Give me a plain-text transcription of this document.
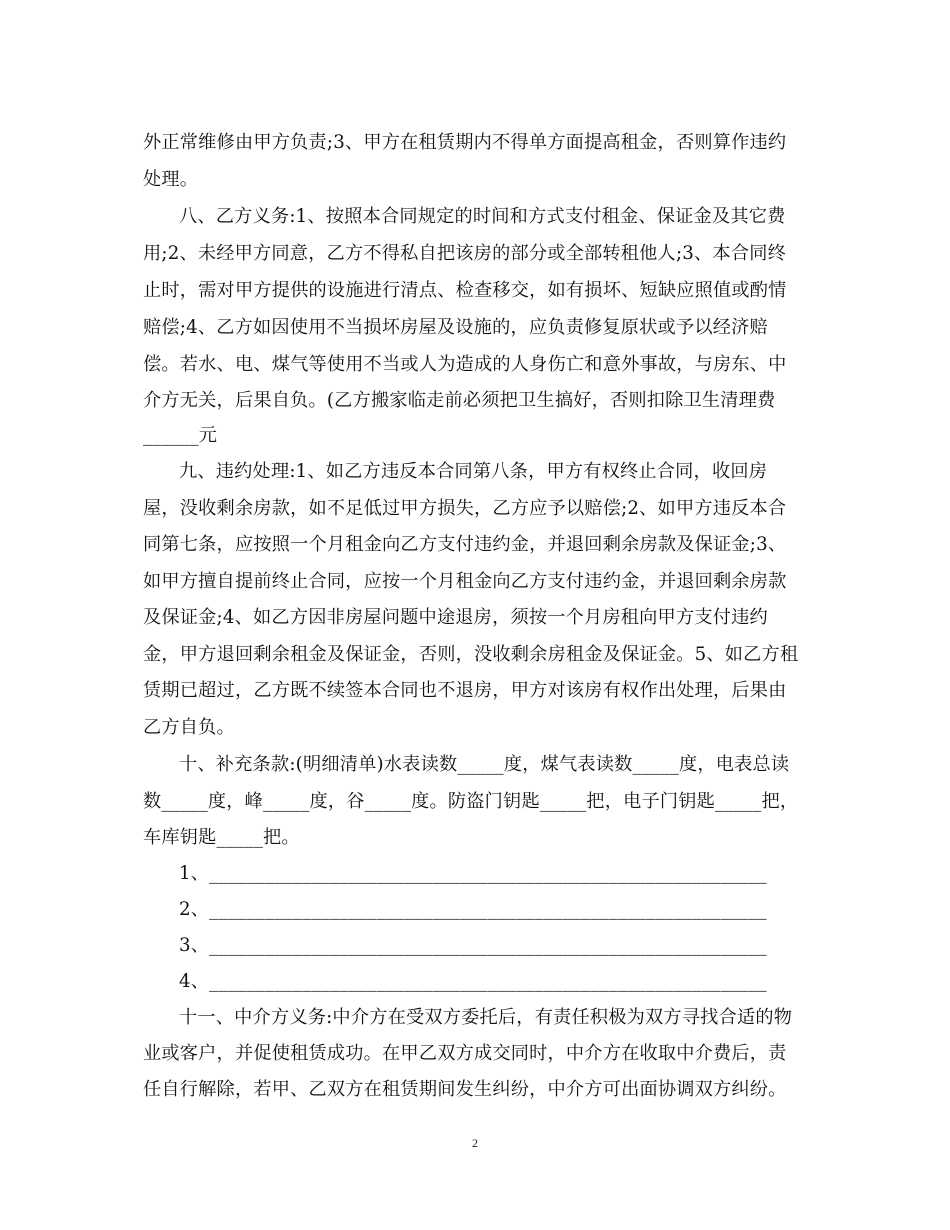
外正常维修由甲方负责;3、甲方在租赁期内不得单方面提高租金，否则算作违约
处理。
八、乙方义务:1、按照本合同规定的时间和方式支付租金、保证金及其它费
用;2、未经甲方同意，乙方不得私自把该房的部分或全部转租他人;3、本合同终
止时，需对甲方提供的设施进行清点、检查移交，如有损坏、短缺应照值或酌情
赔偿;4、乙方如因使用不当损坏房屋及设施的，应负责修复原状或予以经济赔
偿。若水、电、煤气等使用不当或人为造成的人身伤亡和意外事故，与房东、中
介方无关，后果自负。(乙方搬家临走前必须把卫生搞好，否则扣除卫生清理费
______元
九、违约处理:1、如乙方违反本合同第八条，甲方有权终止合同，收回房
屋，没收剩余房款，如不足低过甲方损失，乙方应予以赔偿;2、如甲方违反本合
同第七条，应按照一个月租金向乙方支付违约金，并退回剩余房款及保证金;3、
如甲方擅自提前终止合同，应按一个月租金向乙方支付违约金，并退回剩余房款
及保证金;4、如乙方因非房屋问题中途退房，须按一个月房租向甲方支付违约
金，甲方退回剩余租金及保证金，否则，没收剩余房租金及保证金。5、如乙方租
赁期已超过，乙方既不续签本合同也不退房，甲方对该房有权作出处理，后果由
乙方自负。
十、补充条款:(明细清单)水表读数_____度，煤气表读数_____度，电表总读
数_____度，峰_____度，谷_____度。防盗门钥匙_____把，电子门钥匙_____把，
车库钥匙_____把。
1、____________________________________________________________
2、____________________________________________________________
3、____________________________________________________________
4、____________________________________________________________
十一、中介方义务:中介方在受双方委托后，有责任积极为双方寻找合适的物
业或客户，并促使租赁成功。在甲乙双方成交同时，中介方在收取中介费后，责
任自行解除，若甲、乙双方在租赁期间发生纠纷，中介方可出面协调双方纠纷。
2
